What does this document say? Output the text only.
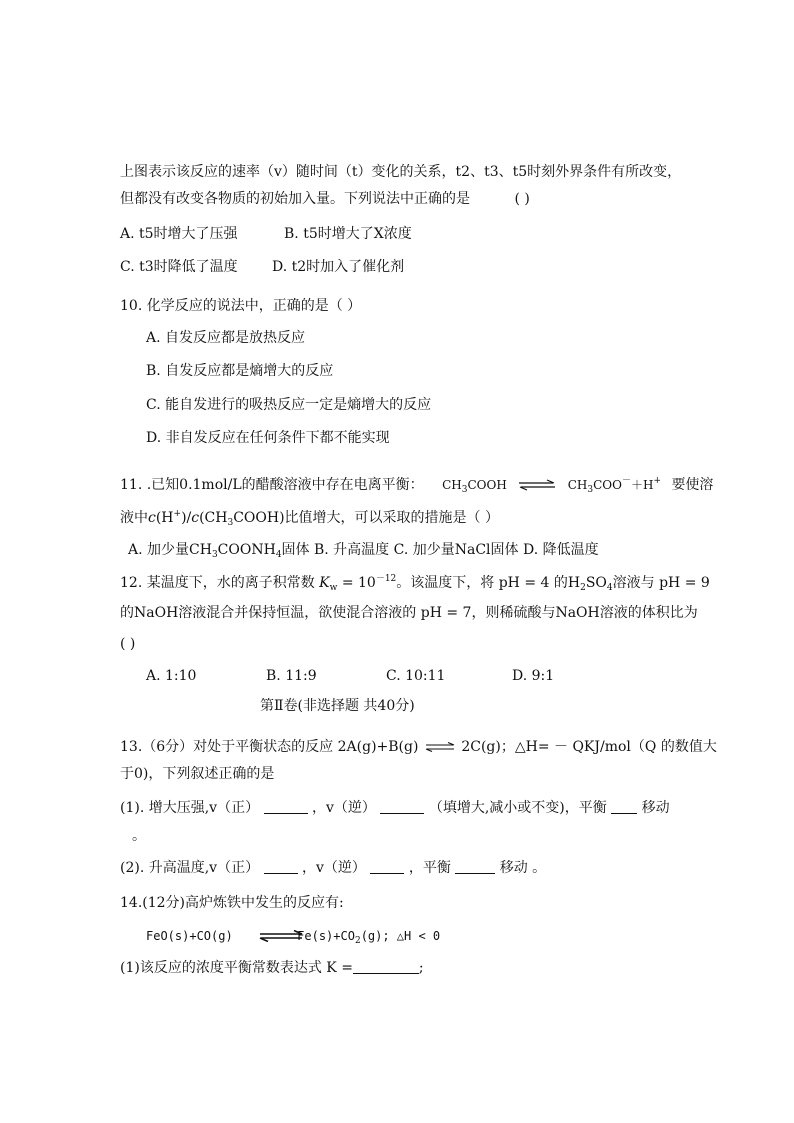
上图表示该反应的速率（v）随时间（t）变化的关系，t2、t3、t5时刻外界条件有所改变，
但都没有改变各物质的初始加入量。下列说法中正确的是	( )
A. t5时增大了压强	B. t5时增大了X浓度
C. t3时降低了温度 D. t2时加入了催化剂
10. 化学反应的说法中，正确的是（ ）
A. 自发反应都是放热反应
B. 自发反应都是熵增大的反应
C. 能自发进行的吸热反应一定是熵增大的反应
D. 非自发反应在任何条件下都不能实现
11. .已知0.1mol/L的醋酸溶液中存在电离平衡： $CH_3COOH$ ⇌ $CH_3COO^-+H^+$ 要使溶
液中$c(H^+)/c(CH_3COOH)$比值增大，可以采取的措施是（ ）
A. 加少量$CH_3COONH_4$固体 B. 升高温度 C. 加少量NaCl固体 D. 降低温度
12. 某温度下，水的离子积常数 $K_w = 10^{-12}$。该温度下，将 pH = 4 的$H_2SO_4$溶液与 pH = 9
的NaOH溶液混合并保持恒温，欲使混合溶液的 pH = 7，则稀硫酸与NaOH溶液的体积比为
( )
A. 1:10	B. 11:9	C. 10:11	D. 9:1
第Ⅱ卷(非选择题 共40分)
13.（6分）对处于平衡状态的反应 2A(g)+B(g) ⇌ 2C(g)；△H= － QKJ/mol（Q 的数值大
于0)，下列叙述正确的是
(1). 增大压强,v（正）	，v（逆）	（填增大,减小或不变)，平衡 移动
。
(2). 升高温度,v（正）	，v（逆）	，平衡	移动 。
14.(12分)高炉炼铁中发生的反应有:
FeO(s)+CO(g)	$Fe(s)+CO_2(g)$; △H < 0
(1)该反应的浓度平衡常数表达式 K =	;
